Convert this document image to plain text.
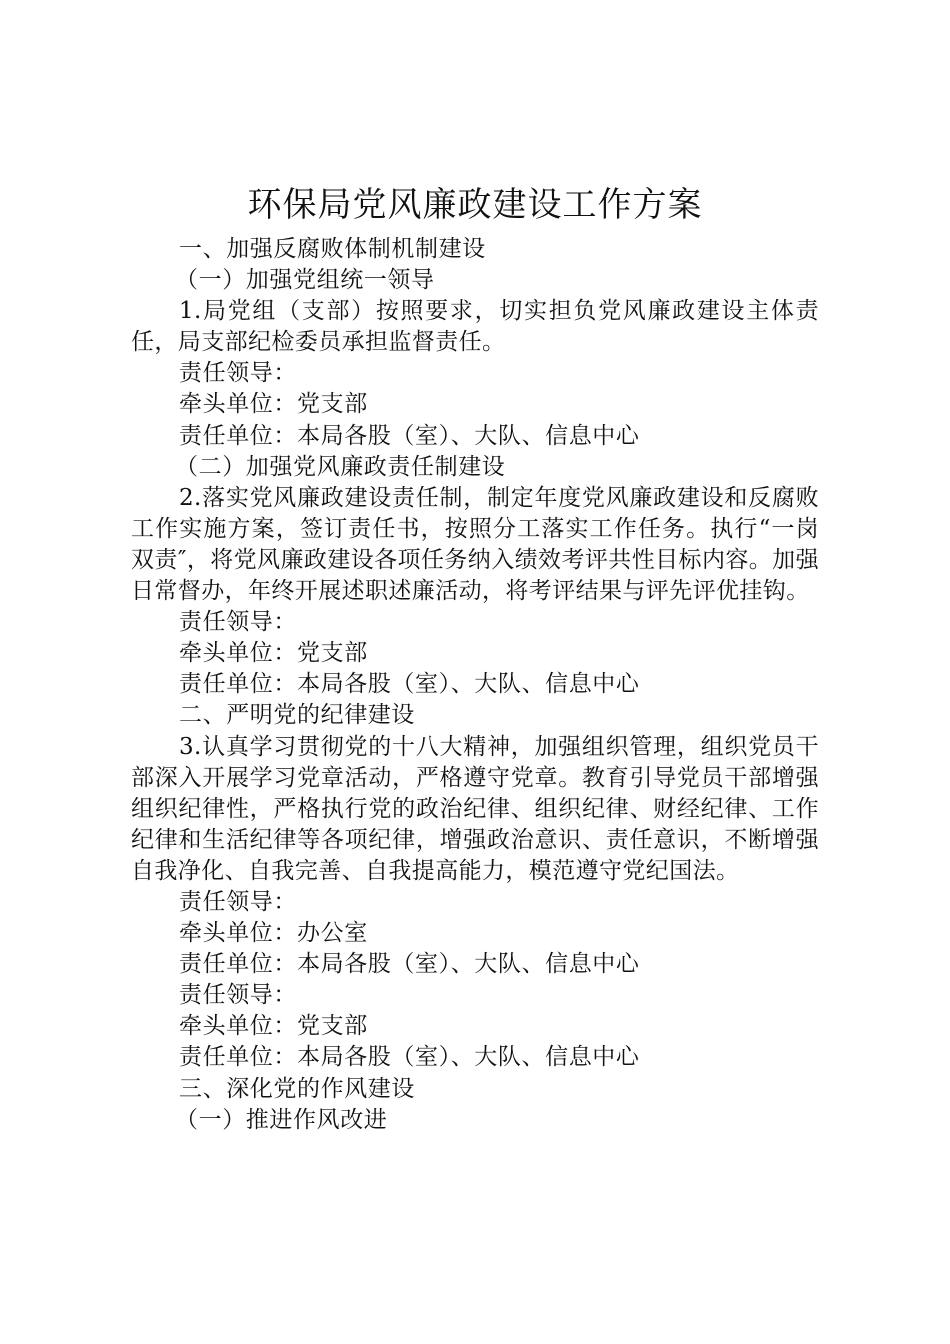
环保局党风廉政建设工作方案
一、加强反腐败体制机制建设
（一）加强党组统一领导
1.局党组（支部）按照要求，切实担负党风廉政建设主体责任，局支部纪检委员承担监督责任。
责任领导：
牵头单位：党支部
责任单位：本局各股（室）、大队、信息中心
（二）加强党风廉政责任制建设
2.落实党风廉政建设责任制，制定年度党风廉政建设和反腐败工作实施方案，签订责任书，按照分工落实工作任务。执行“一岗双责″，将党风廉政建设各项任务纳入绩效考评共性目标内容。加强日常督办，年终开展述职述廉活动，将考评结果与评先评优挂钩。
责任领导：
牵头单位：党支部
责任单位：本局各股（室）、大队、信息中心
二、严明党的纪律建设
3.认真学习贯彻党的十八大精神，加强组织管理，组织党员干部深入开展学习党章活动，严格遵守党章。教育引导党员干部增强组织纪律性，严格执行党的政治纪律、组织纪律、财经纪律、工作纪律和生活纪律等各项纪律，增强政治意识、责任意识，不断增强自我净化、自我完善、自我提高能力，模范遵守党纪国法。
责任领导：
牵头单位：办公室
责任单位：本局各股（室）、大队、信息中心
责任领导：
牵头单位：党支部
责任单位：本局各股（室）、大队、信息中心
三、深化党的作风建设
（一）推进作风改进
